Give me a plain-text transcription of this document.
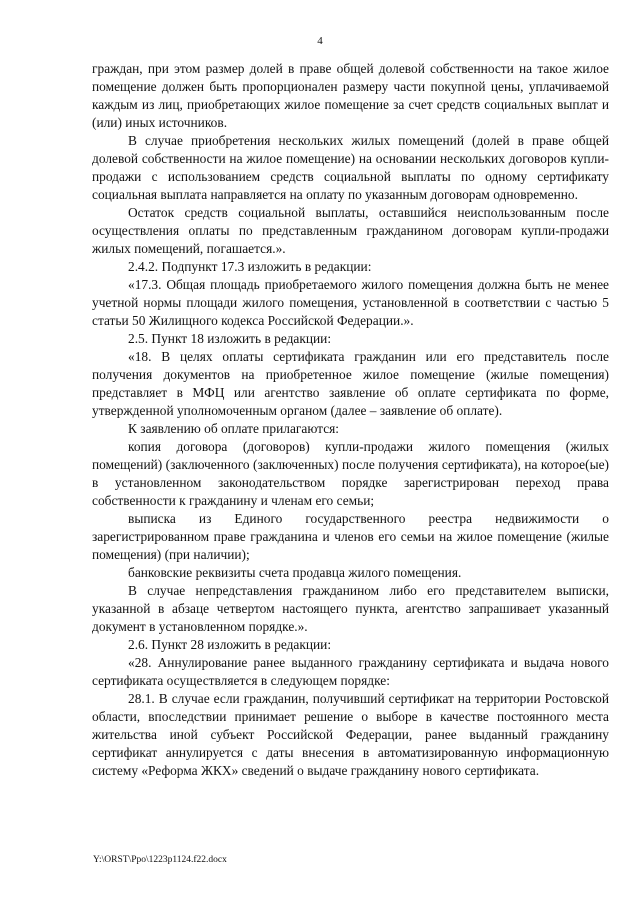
4

граждан, при этом размер долей в праве общей долевой собственности на такое жилое помещение должен быть пропорционален размеру части покупной цены, уплачиваемой каждым из лиц, приобретающих жилое помещение за счет средств социальных выплат и (или) иных источников.

В случае приобретения нескольких жилых помещений (долей в праве общей долевой собственности на жилое помещение) на основании нескольких договоров купли-продажи с использованием средств социальной выплаты по одному сертификату социальная выплата направляется на оплату по указанным договорам одновременно.

Остаток средств социальной выплаты, оставшийся неиспользованным после осуществления оплаты по представленным гражданином договорам купли-продажи жилых помещений, погашается.».

2.4.2. Подпункт 17.3 изложить в редакции:

«17.3. Общая площадь приобретаемого жилого помещения должна быть не менее учетной нормы площади жилого помещения, установленной в соответствии с частью 5 статьи 50 Жилищного кодекса Российской Федерации.».

2.5. Пункт 18 изложить в редакции:

«18. В целях оплаты сертификата гражданин или его представитель после получения документов на приобретенное жилое помещение (жилые помещения) представляет в МФЦ или агентство заявление об оплате сертификата по форме, утвержденной уполномоченным органом (далее – заявление об оплате).

К заявлению об оплате прилагаются:

копия договора (договоров) купли-продажи жилого помещения (жилых помещений) (заключенного (заключенных) после получения сертификата), на которое(ые) в установленном законодательством порядке зарегистрирован переход права собственности к гражданину и членам его семьи;

выписка из Единого государственного реестра недвижимости о зарегистрированном праве гражданина и членов его семьи на жилое помещение (жилые помещения) (при наличии);

банковские реквизиты счета продавца жилого помещения.

В случае непредставления гражданином либо его представителем выписки, указанной в абзаце четвертом настоящего пункта, агентство запрашивает указанный документ в установленном порядке.».

2.6. Пункт 28 изложить в редакции:

«28. Аннулирование ранее выданного гражданину сертификата и выдача нового сертификата осуществляется в следующем порядке:

28.1. В случае если гражданин, получивший сертификат на территории Ростовской области, впоследствии принимает решение о выборе в качестве постоянного места жительства иной субъект Российской Федерации, ранее выданный гражданину сертификат аннулируется с даты внесения в автоматизированную информационную систему «Реформа ЖКХ» сведений о выдаче гражданину нового сертификата.

Y:\ORST\Ppo\1223p1124.f22.docx
